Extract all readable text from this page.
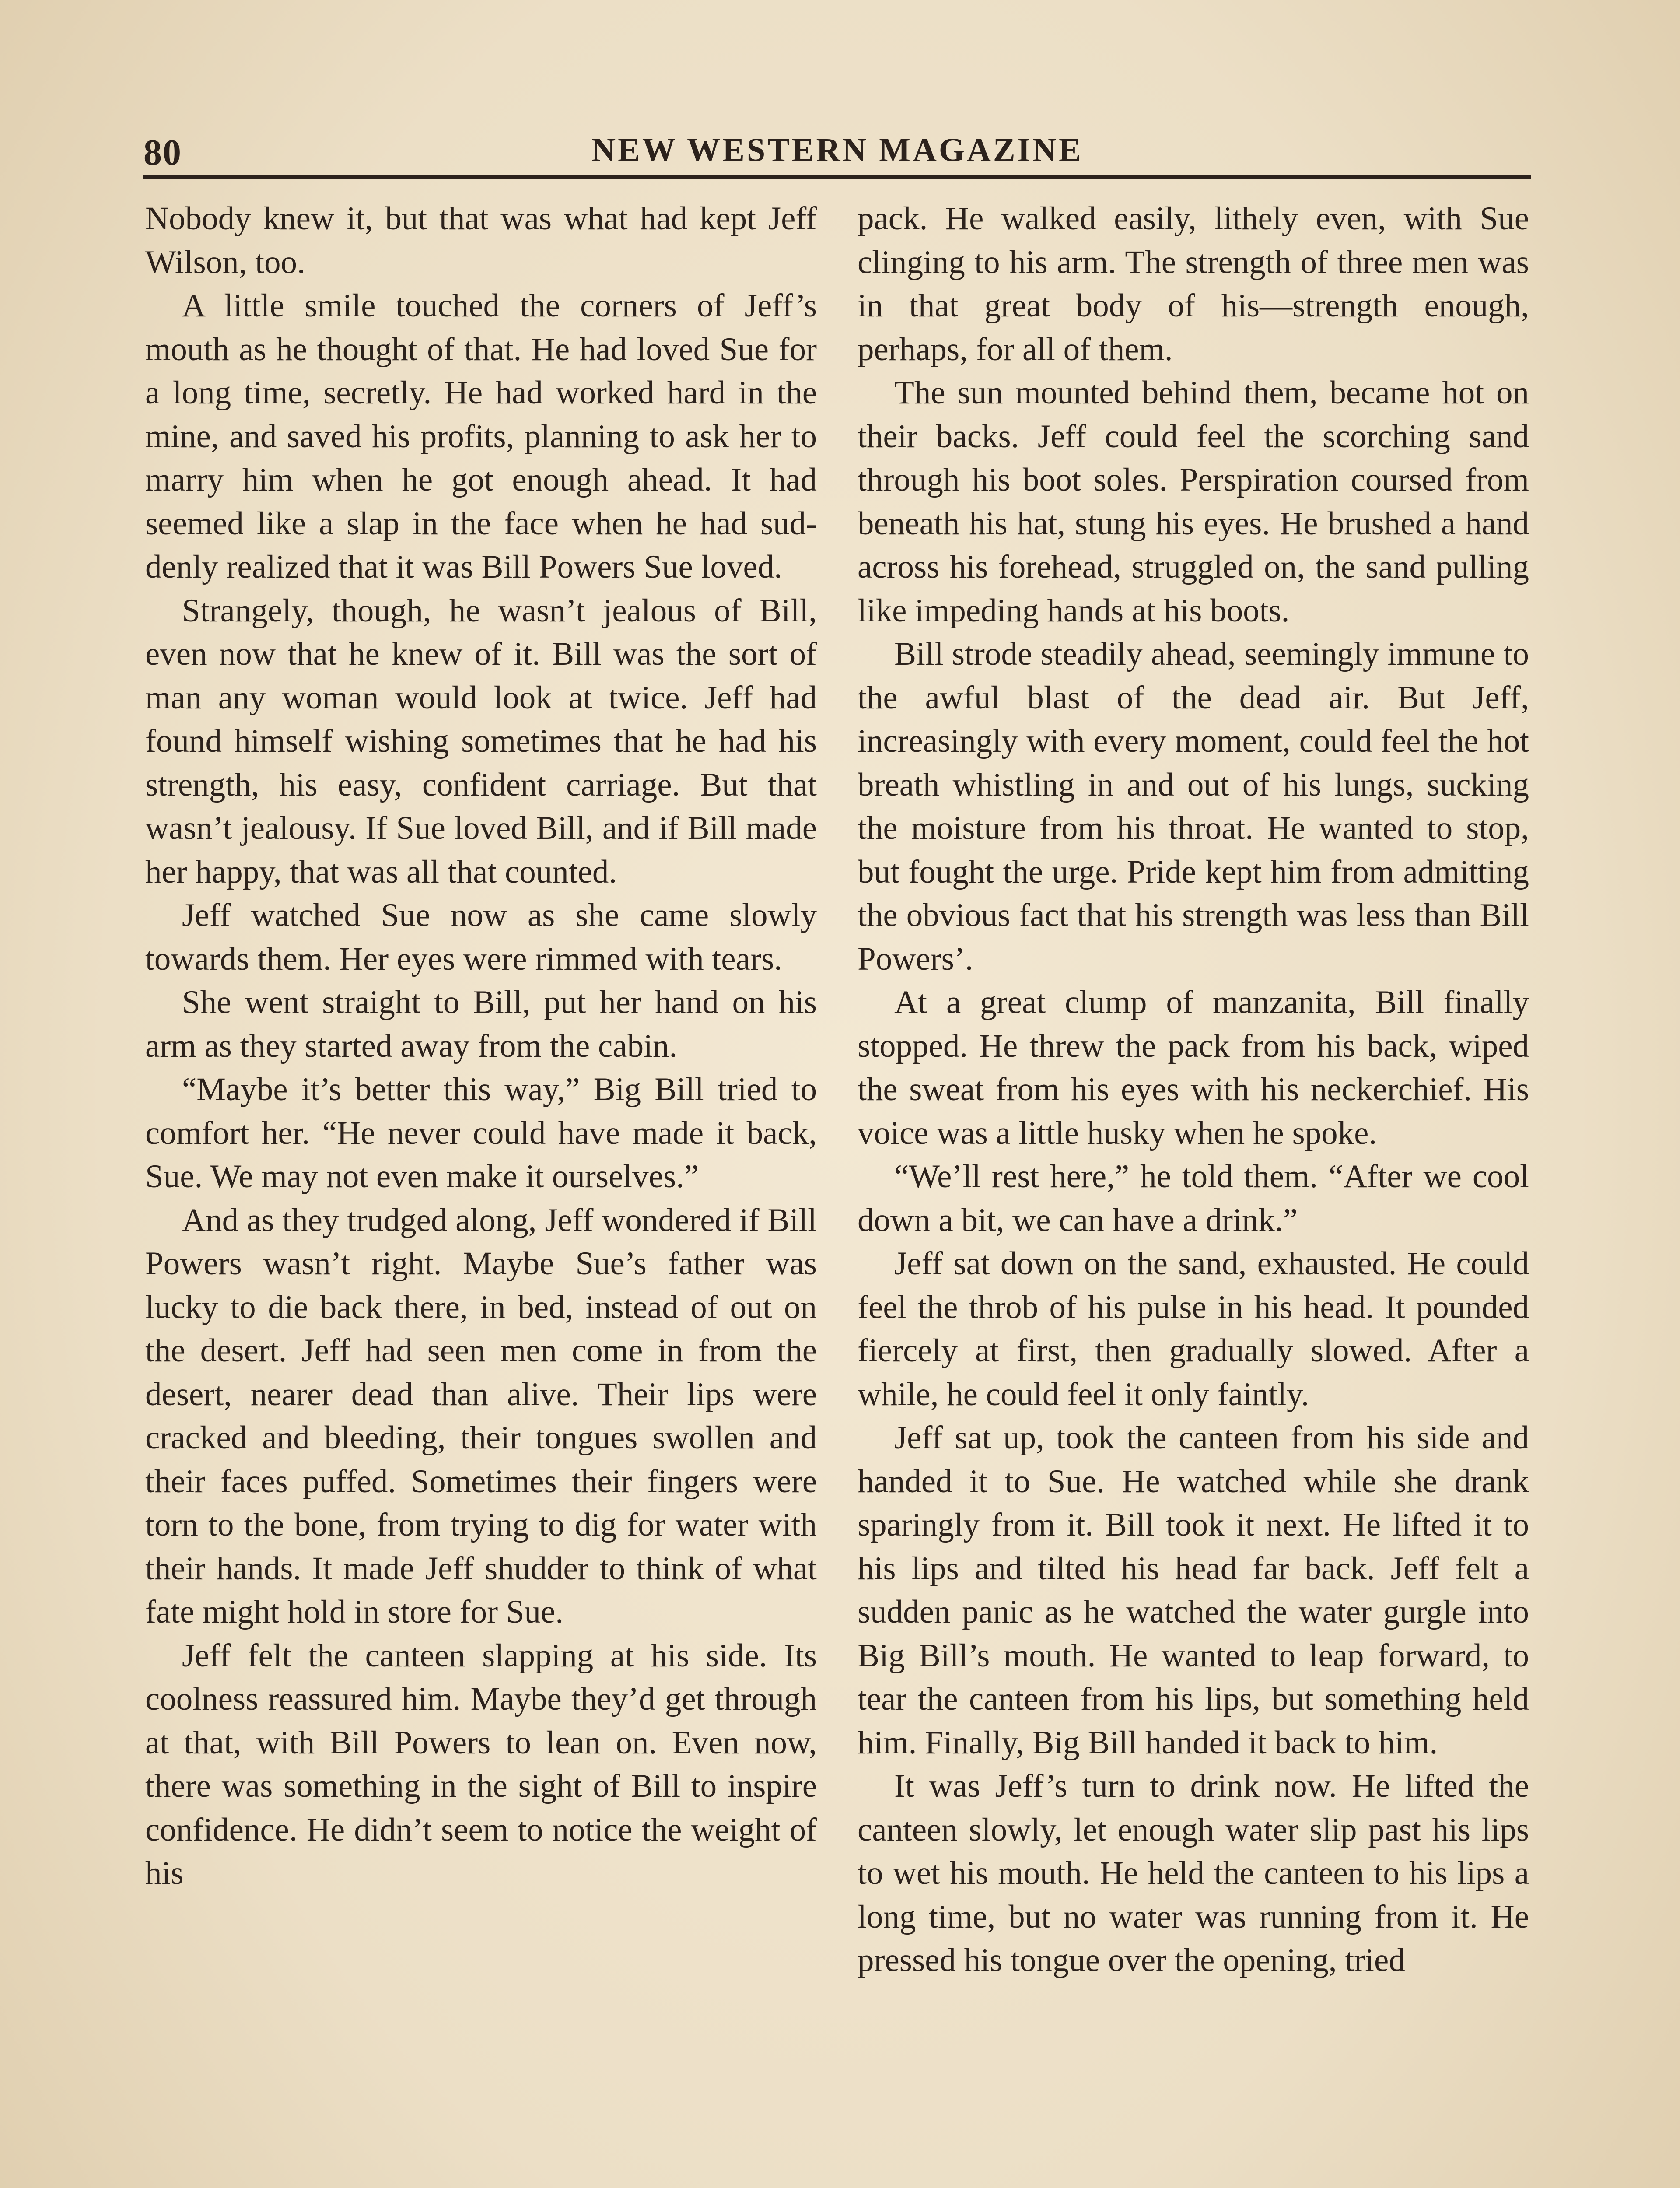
80	NEW WESTERN MAGAZINE

Nobody knew it, but that was what had kept Jeff Wilson, too.

A little smile touched the corners of Jeff’s mouth as he thought of that. He had loved Sue for a long time, secretly. He had worked hard in the mine, and saved his profits, planning to ask her to marry him when he got enough ahead. It had seemed like a slap in the face when he had suddenly realized that it was Bill Powers Sue loved.

Strangely, though, he wasn’t jealous of Bill, even now that he knew of it. Bill was the sort of man any woman would look at twice. Jeff had found himself wishing sometimes that he had his strength, his easy, confident carriage. But that wasn’t jealousy. If Sue loved Bill, and if Bill made her happy, that was all that counted.

Jeff watched Sue now as she came slowly towards them. Her eyes were rimmed with tears.

She went straight to Bill, put her hand on his arm as they started away from the cabin.

“Maybe it’s better this way,” Big Bill tried to comfort her. “He never could have made it back, Sue. We may not even make it ourselves.”

And as they trudged along, Jeff wondered if Bill Powers wasn’t right. Maybe Sue’s father was lucky to die back there, in bed, instead of out on the desert. Jeff had seen men come in from the desert, nearer dead than alive. Their lips were cracked and bleeding, their tongues swollen and their faces puffed. Sometimes their fingers were torn to the bone, from trying to dig for water with their hands. It made Jeff shudder to think of what fate might hold in store for Sue.

Jeff felt the canteen slapping at his side. Its coolness reassured him. Maybe they’d get through at that, with Bill Powers to lean on. Even now, there was something in the sight of Bill to inspire confidence. He didn’t seem to notice the weight of his

pack. He walked easily, lithely even, with Sue clinging to his arm. The strength of three men was in that great body of his—strength enough, perhaps, for all of them.

The sun mounted behind them, became hot on their backs. Jeff could feel the scorching sand through his boot soles. Perspiration coursed from beneath his hat, stung his eyes. He brushed a hand across his forehead, struggled on, the sand pulling like impeding hands at his boots.

Bill strode steadily ahead, seemingly immune to the awful blast of the dead air. But Jeff, increasingly with every moment, could feel the hot breath whistling in and out of his lungs, sucking the moisture from his throat. He wanted to stop, but fought the urge. Pride kept him from admitting the obvious fact that his strength was less than Bill Powers’.

At a great clump of manzanita, Bill finally stopped. He threw the pack from his back, wiped the sweat from his eyes with his neckerchief. His voice was a little husky when he spoke.

“We’ll rest here,” he told them. “After we cool down a bit, we can have a drink.”

Jeff sat down on the sand, exhausted. He could feel the throb of his pulse in his head. It pounded fiercely at first, then gradually slowed. After a while, he could feel it only faintly.

Jeff sat up, took the canteen from his side and handed it to Sue. He watched while she drank sparingly from it. Bill took it next. He lifted it to his lips and tilted his head far back. Jeff felt a sudden panic as he watched the water gurgle into Big Bill’s mouth. He wanted to leap forward, to tear the canteen from his lips, but something held him. Finally, Big Bill handed it back to him.

It was Jeff’s turn to drink now. He lifted the canteen slowly, let enough water slip past his lips to wet his mouth. He held the canteen to his lips a long time, but no water was running from it. He pressed his tongue over the opening, tried
